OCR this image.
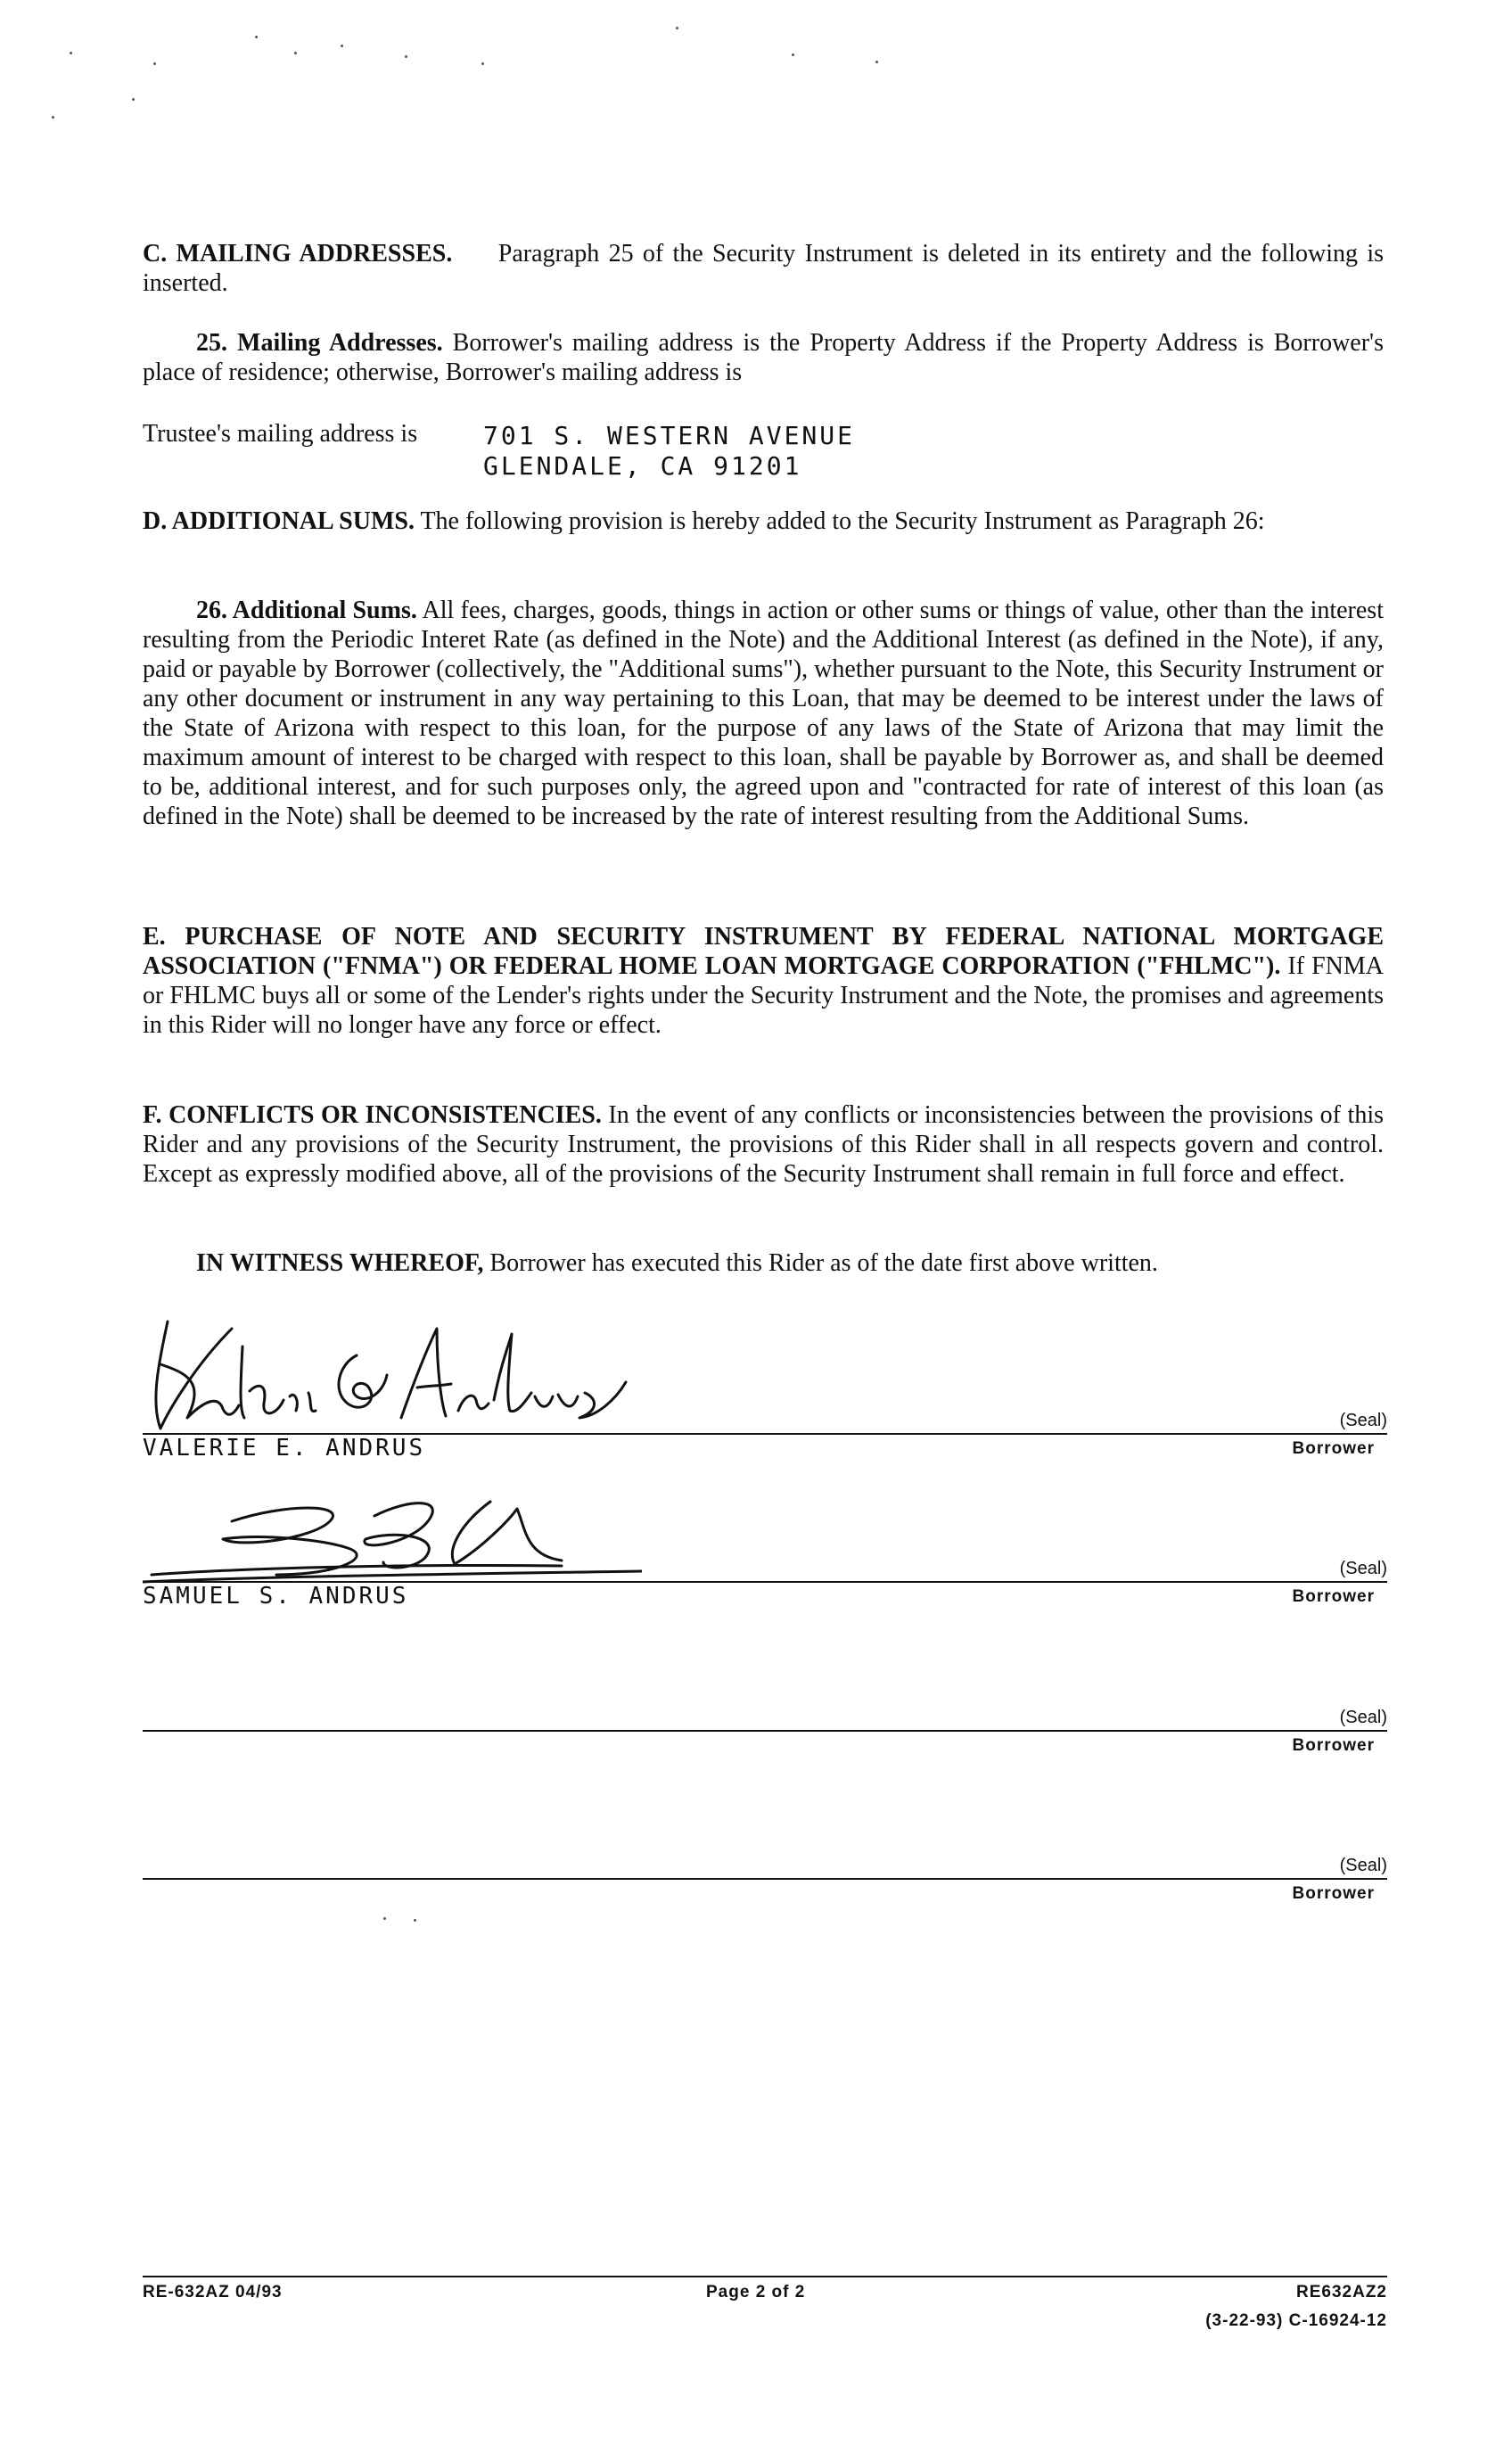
C. MAILING ADDRESSES. Paragraph 25 of the Security Instrument is deleted in its entirety and the following is inserted.

25. Mailing Addresses. Borrower's mailing address is the Property Address if the Property Address is Borrower's place of residence; otherwise, Borrower's mailing address is

Trustee's mailing address is	701 S. WESTERN AVENUE
GLENDALE, CA 91201

D. ADDITIONAL SUMS. The following provision is hereby added to the Security Instrument as Paragraph 26:

26. Additional Sums. All fees, charges, goods, things in action or other sums or things of value, other than the interest resulting from the Periodic Interet Rate (as defined in the Note) and the Additional Interest (as defined in the Note), if any, paid or payable by Borrower (collectively, the "Additional sums"), whether pursuant to the Note, this Security Instrument or any other document or instrument in any way pertaining to this Loan, that may be deemed to be interest under the laws of the State of Arizona with respect to this loan, for the purpose of any laws of the State of Arizona that may limit the maximum amount of interest to be charged with respect to this loan, shall be payable by Borrower as, and shall be deemed to be, additional interest, and for such purposes only, the agreed upon and "contracted for rate of interest of this loan (as defined in the Note) shall be deemed to be increased by the rate of interest resulting from the Additional Sums.

E. PURCHASE OF NOTE AND SECURITY INSTRUMENT BY FEDERAL NATIONAL MORTGAGE ASSOCIATION ("FNMA") OR FEDERAL HOME LOAN MORTGAGE CORPORATION ("FHLMC"). If FNMA or FHLMC buys all or some of the Lender's rights under the Security Instrument and the Note, the promises and agreements in this Rider will no longer have any force or effect.

F. CONFLICTS OR INCONSISTENCIES. In the event of any conflicts or inconsistencies between the provisions of this Rider and any provisions of the Security Instrument, the provisions of this Rider shall in all respects govern and control. Except as expressly modified above, all of the provisions of the Security Instrument shall remain in full force and effect.

IN WITNESS WHEREOF, Borrower has executed this Rider as of the date first above written.

(Seal)
VALERIE E. ANDRUS	Borrower
(Seal)
SAMUEL S. ANDRUS	Borrower
(Seal)
Borrower
(Seal)
Borrower
RE-632AZ 04/93	Page 2 of 2	RE632AZ2
(3-22-93) C-16924-12
